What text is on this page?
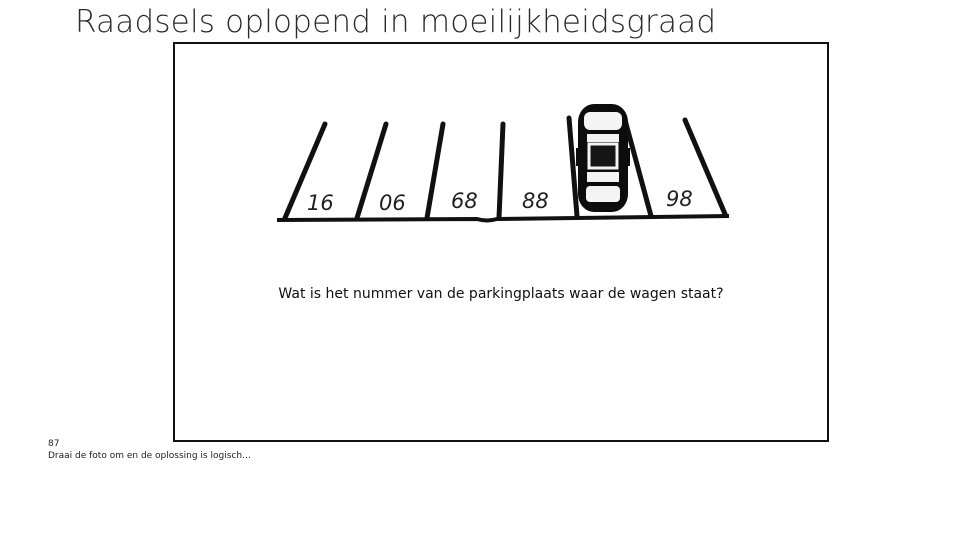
Raadsels oplopend in moeilijkheidsgraad
16 06 68 88	98
Wat is het nummer van de parkingplaats waar de wagen staat?
87
Draai de foto om en de oplossing is logisch…
